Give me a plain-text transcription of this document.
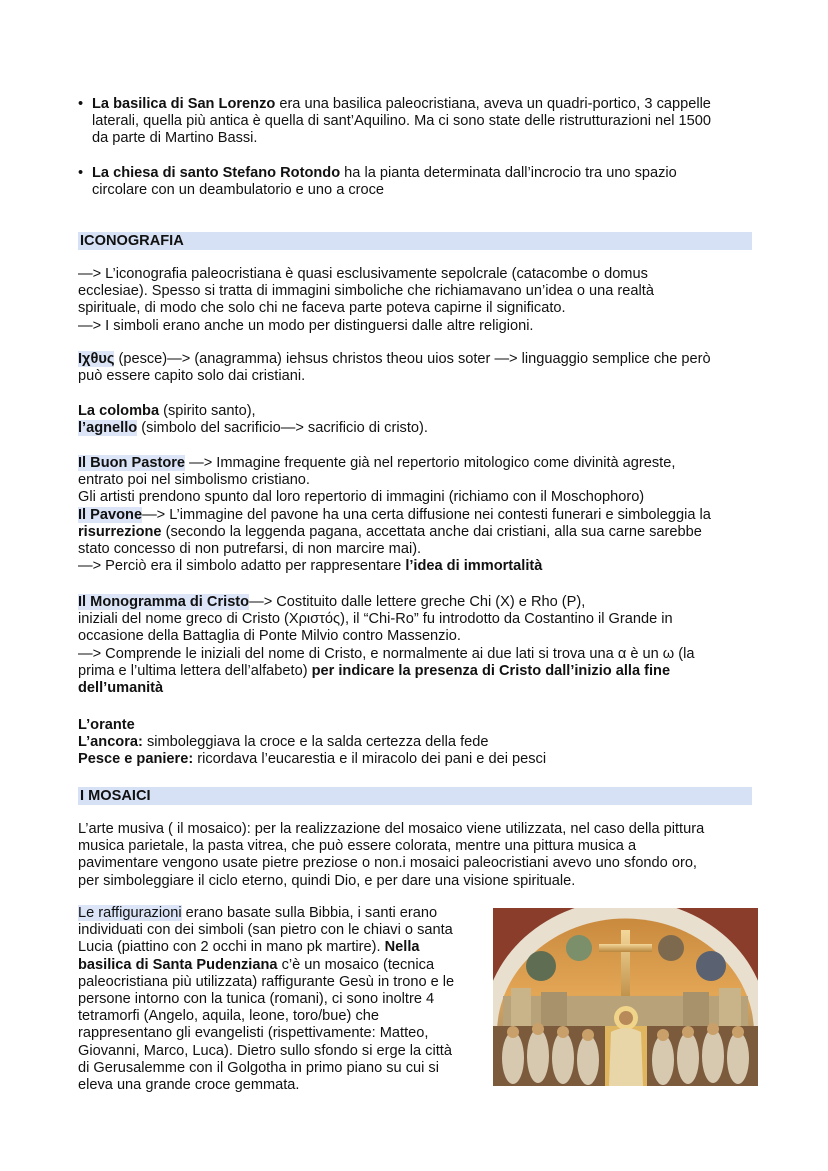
• La basilica di San Lorenzo era una basilica paleocristiana, aveva un quadri-portico, 3 cappelle
laterali, quella più antica è quella di sant’Aquilino. Ma ci sono state delle ristrutturazioni nel 1500
da parte di Martino Bassi.
• La chiesa di santo Stefano Rotondo ha la pianta determinata dall’incrocio tra uno spazio
circolare con un deambulatorio e uno a croce
ICONOGRAFIA
—> L’iconografia paleocristiana è quasi esclusivamente sepolcrale (catacombe o domus
ecclesiae). Spesso si tratta di immagini simboliche che richiamavano un’idea o una realtà
spirituale, di modo che solo chi ne faceva parte poteva capirne il significato.
—> I simboli erano anche un modo per distinguersi dalle altre religioni.
Ιχθυς (pesce)—> (anagramma) iehsus christos theou uios soter —> linguaggio semplice che però
può essere capito solo dai cristiani.
La colomba (spirito santo),
l’agnello (simbolo del sacrificio—> sacrificio di cristo).
Il Buon Pastore —> Immagine frequente già nel repertorio mitologico come divinità agreste,
entrato poi nel simbolismo cristiano.
Gli artisti prendono spunto dal loro repertorio di immagini (richiamo con il Moschophoro)
Il Pavone—> L’immagine del pavone ha una certa diffusione nei contesti funerari e simboleggia la
risurrezione (secondo la leggenda pagana, accettata anche dai cristiani, alla sua carne sarebbe
stato concesso di non putrefarsi, di non marcire mai).
—> Perciò era il simbolo adatto per rappresentare l’idea di immortalità
Il Monogramma di Cristo—> Costituito dalle lettere greche Chi (X) e Rho (P),
iniziali del nome greco di Cristo (Χριστός), il “Chi-Ro” fu introdotto da Costantino il Grande in
occasione della Battaglia di Ponte Milvio contro Massenzio.
—> Comprende le iniziali del nome di Cristo, e normalmente ai due lati si trova una α è un ω (la
prima e l’ultima lettera dell’alfabeto) per indicare la presenza di Cristo dall’inizio alla fine
dell’umanità
L’orante
L’ancora: simboleggiava la croce e la salda certezza della fede
Pesce e paniere: ricordava l’eucarestia e il miracolo dei pani e dei pesci
I MOSAICI
L’arte musiva ( il mosaico): per la realizzazione del mosaico viene utilizzata, nel caso della pittura
musica parietale, la pasta vitrea, che può essere colorata, mentre una pittura musica a
pavimentare vengono usate pietre preziose o non.i mosaici paleocristiani avevo uno sfondo oro,
per simboleggiare il ciclo eterno, quindi Dio, e per dare una visione spirituale.
Le raffigurazioni erano basate sulla Bibbia, i santi erano
individuati con dei simboli (san pietro con le chiavi o santa
Lucia (piattino con 2 occhi in mano pk martire). Nella
basilica di Santa Pudenziana c’è un mosaico (tecnica
paleocristiana più utilizzata) raffigurante Gesù in trono e le
persone intorno con la tunica (romani), ci sono inoltre 4
tetramorfi (Angelo, aquila, leone, toro/bue) che
rappresentano gli evangelisti (rispettivamente: Matteo,
Giovanni, Marco, Luca). Dietro sullo sfondo si erge la città
di Gerusalemme con il Golgotha in primo piano su cui si
eleva una grande croce gemmata.
